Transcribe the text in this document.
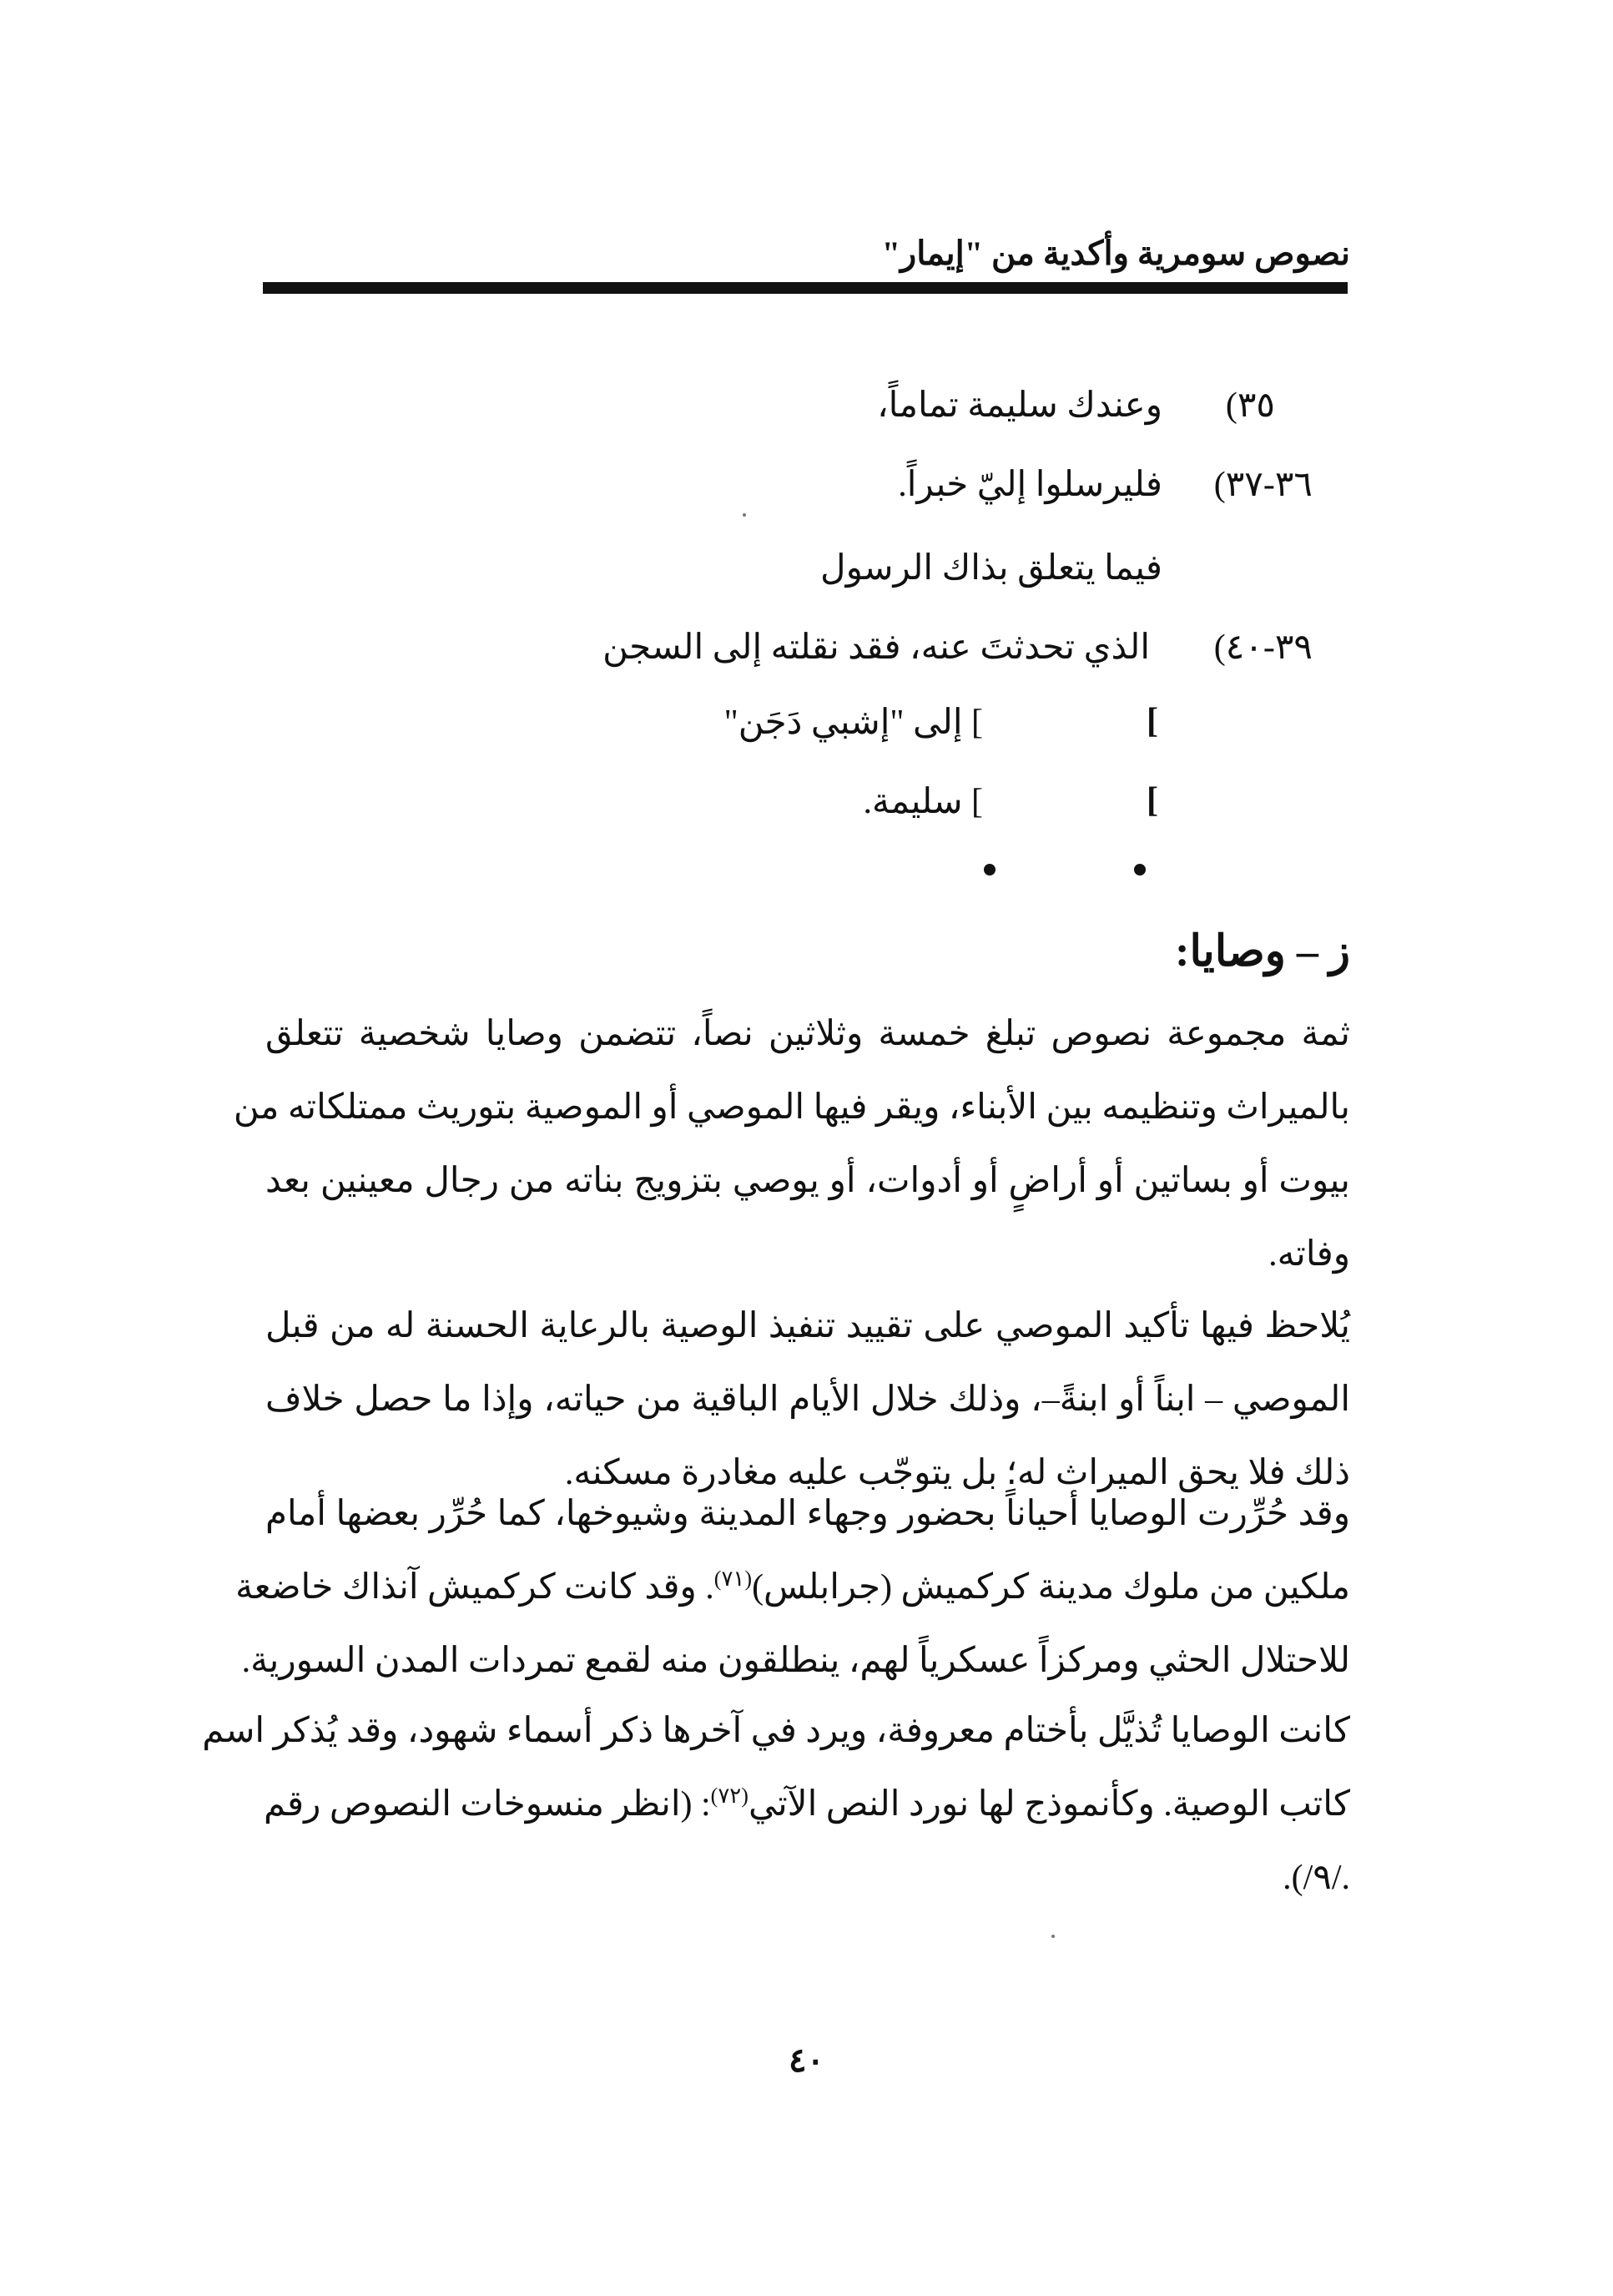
نصوص سومرية وأكدية من "إيمار"
٣٥)
وعندك سليمة تماماً،
٣٦-٣٧)
فليرسلوا إليّ خبراً.
فيما يتعلق بذاك الرسول
٣٩-٤٠)
الذي تحدثتَ عنه، فقد نقلته إلى السجن
]
] إلى "إشبي دَجَن"
]
] سليمة.
ز – وصايا:
ثمة مجموعة نصوص تبلغ خمسة وثلاثين نصاً، تتضمن وصايا شخصية تتعلق
بالميراث وتنظيمه بين الأبناء، ويقر فيها الموصي أو الموصية بتوريث ممتلكاته من
بيوت أو بساتين أو أراضٍ أو أدوات، أو يوصي بتزويج بناته من رجال معينين بعد
وفاته.
يُلاحظ فيها تأكيد الموصي على تقييد تنفيذ الوصية بالرعاية الحسنة له من قبل
الموصي – ابناً أو ابنةً–، وذلك خلال الأيام الباقية من حياته، وإذا ما حصل خلاف
ذلك فلا يحق الميراث له؛ بل يتوجّب عليه مغادرة مسكنه.
وقد حُرِّرت الوصايا أحياناً بحضور وجهاء المدينة وشيوخها، كما حُرِّر بعضها أمام
ملكين من ملوك مدينة كركميش (جرابلس)$^{(٧١)}$. وقد كانت كركميش آنذاك خاضعة
للاحتلال الحثي ومركزاً عسكرياً لهم، ينطلقون منه لقمع تمردات المدن السورية.
كانت الوصايا تُذيَّل بأختام معروفة، ويرد في آخرها ذكر أسماء شهود، وقد يُذكر اسم
كاتب الوصية. وكأنموذج لها نورد النص الآتي$^{(٧٢)}$: (انظر منسوخات النصوص رقم
./٩/).
٤٠
